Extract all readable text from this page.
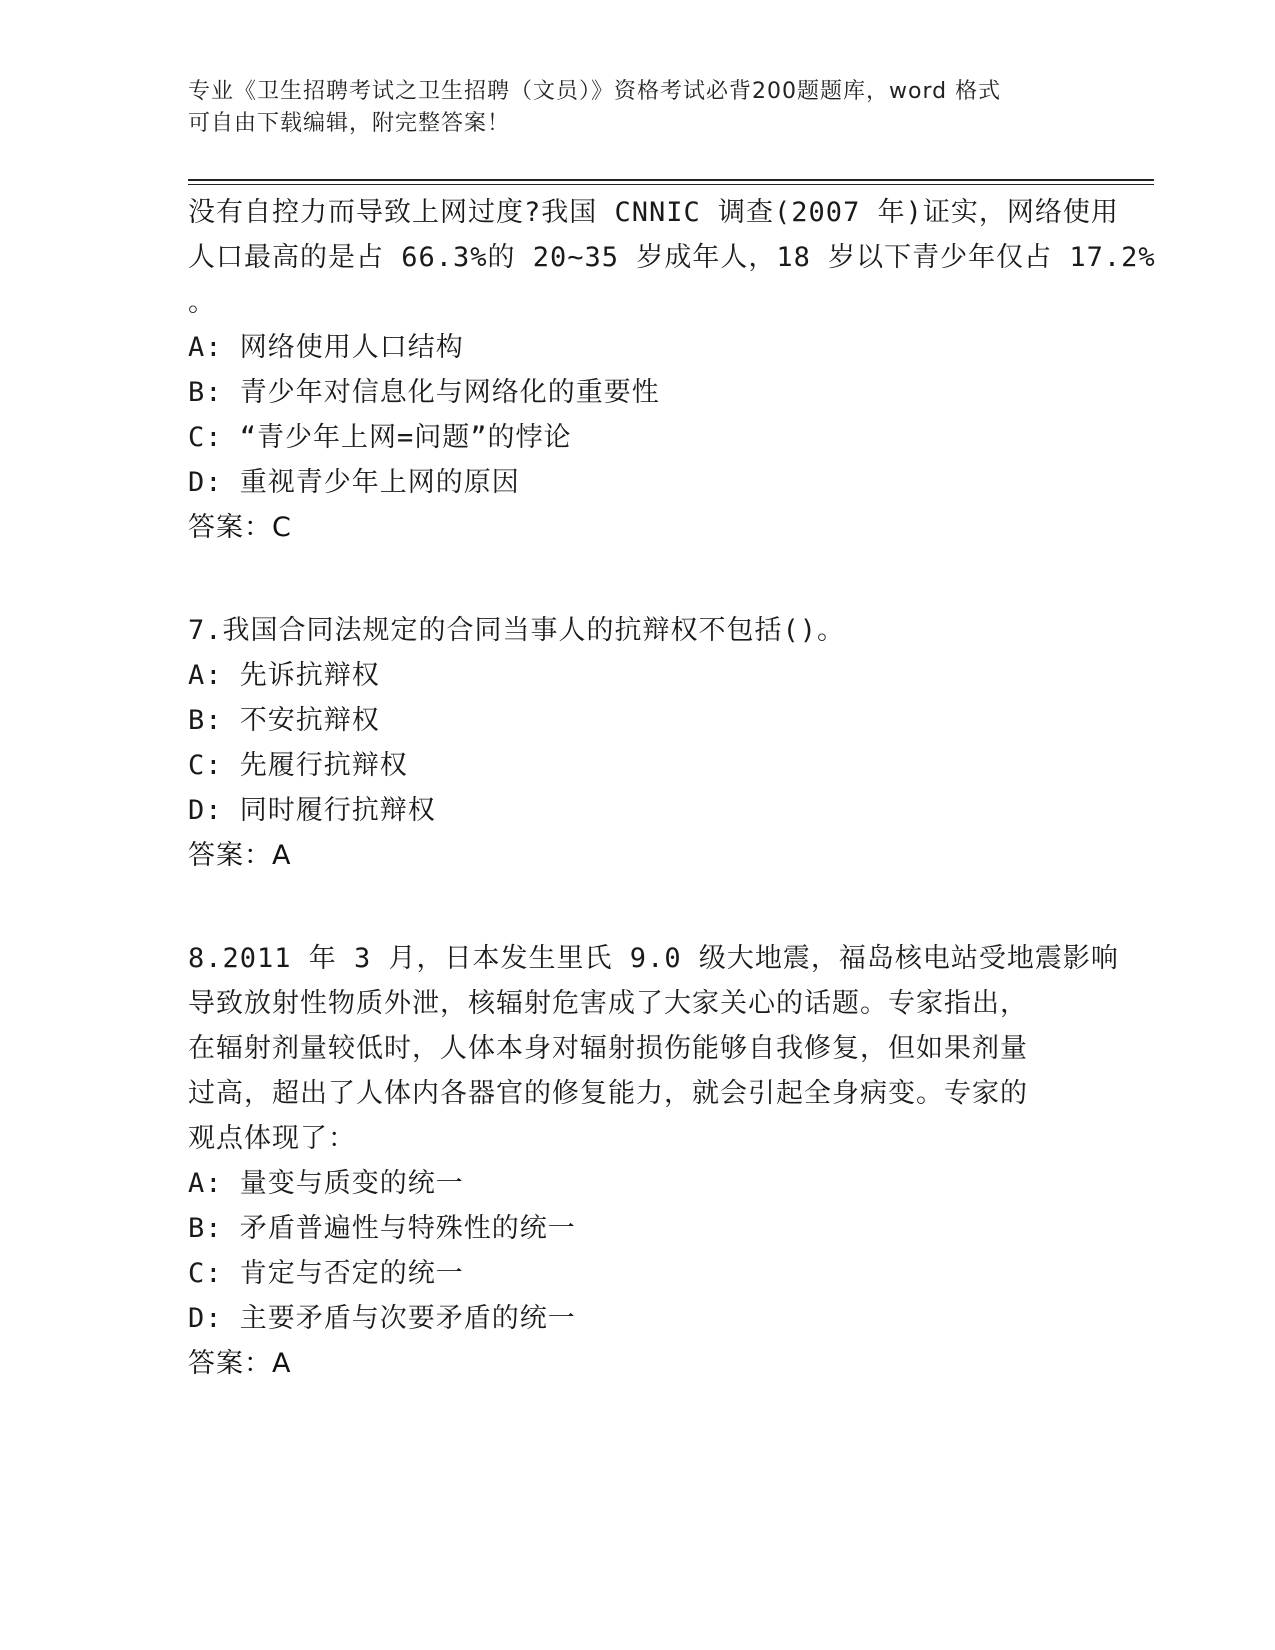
专业《卫生招聘考试之卫生招聘（文员）》资格考试必背200题题库，word 格式
可自由下载编辑，附完整答案！
没有自控力而导致上网过度?我国 CNNIC 调查(2007 年)证实，网络使用
人口最高的是占 66.3%的 20~35 岁成年人，18 岁以下青少年仅占 17.2%
。
A: 网络使用人口结构
B: 青少年对信息化与网络化的重要性
C: “青少年上网=问题”的悖论
D: 重视青少年上网的原因
答案：C
7.我国合同法规定的合同当事人的抗辩权不包括()。
A: 先诉抗辩权
B: 不安抗辩权
C: 先履行抗辩权
D: 同时履行抗辩权
答案：A
8.2011 年 3 月，日本发生里氏 9.0 级大地震，福岛核电站受地震影响
导致放射性物质外泄，核辐射危害成了大家关心的话题。专家指出，
在辐射剂量较低时，人体本身对辐射损伤能够自我修复，但如果剂量
过高，超出了人体内各器官的修复能力，就会引起全身病变。专家的
观点体现了：
A: 量变与质变的统一
B: 矛盾普遍性与特殊性的统一
C: 肯定与否定的统一
D: 主要矛盾与次要矛盾的统一
答案：A
